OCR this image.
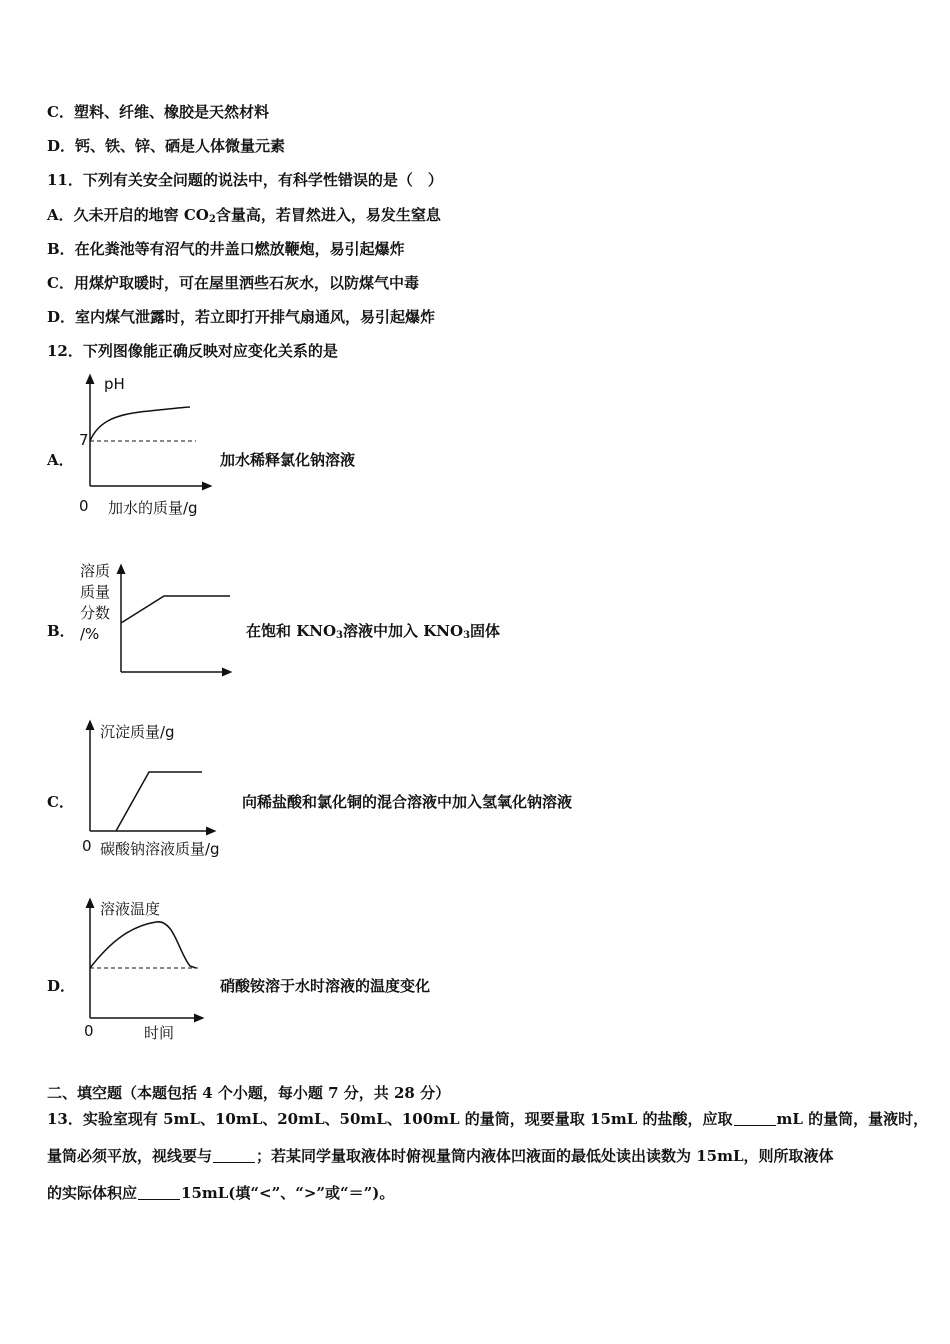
C．塑料、纤维、橡胶是天然材料
D．钙、铁、锌、硒是人体微量元素
11．下列有关安全问题的说法中，有科学性错误的是（　）
A．久未开启的地窖 $CO_2$含量高，若冒然进入，易发生窒息
B．在化粪池等有沼气的井盖口燃放鞭炮，易引起爆炸
C．用煤炉取暖时，可在屋里洒些石灰水，以防煤气中毒
D．室内煤气泄露时，若立即打开排气扇通风，易引起爆炸
12．下列图像能正确反映对应变化关系的是
A．
pH
7
0 加水的质量/g
加水稀释氯化钠溶液
B．
溶质
质量
分数
/%	在饱和 $KNO_3$溶液中加入 $KNO_3$固体
C．
沉淀质量/g
0 碳酸钠溶液质量/g
向稀盐酸和氯化铜的混合溶液中加入氢氧化钠溶液
D．
溶液温度
0	时间
硝酸铵溶于水时溶液的温度变化
二、填空题（本题包括 4 个小题，每小题 7 分，共 28 分）
13．实验室现有 5mL、10mL、20mL、50mL、100mL 的量筒，现要量取 15mL 的盐酸，应取	mL 的量筒，量液时，
量筒必须平放，视线要与	；若某同学量取液体时俯视量筒内液体凹液面的最低处读出读数为 15mL，则所取液体
的实际体积应	15mL(填“<”、“>”或“＝”)。
